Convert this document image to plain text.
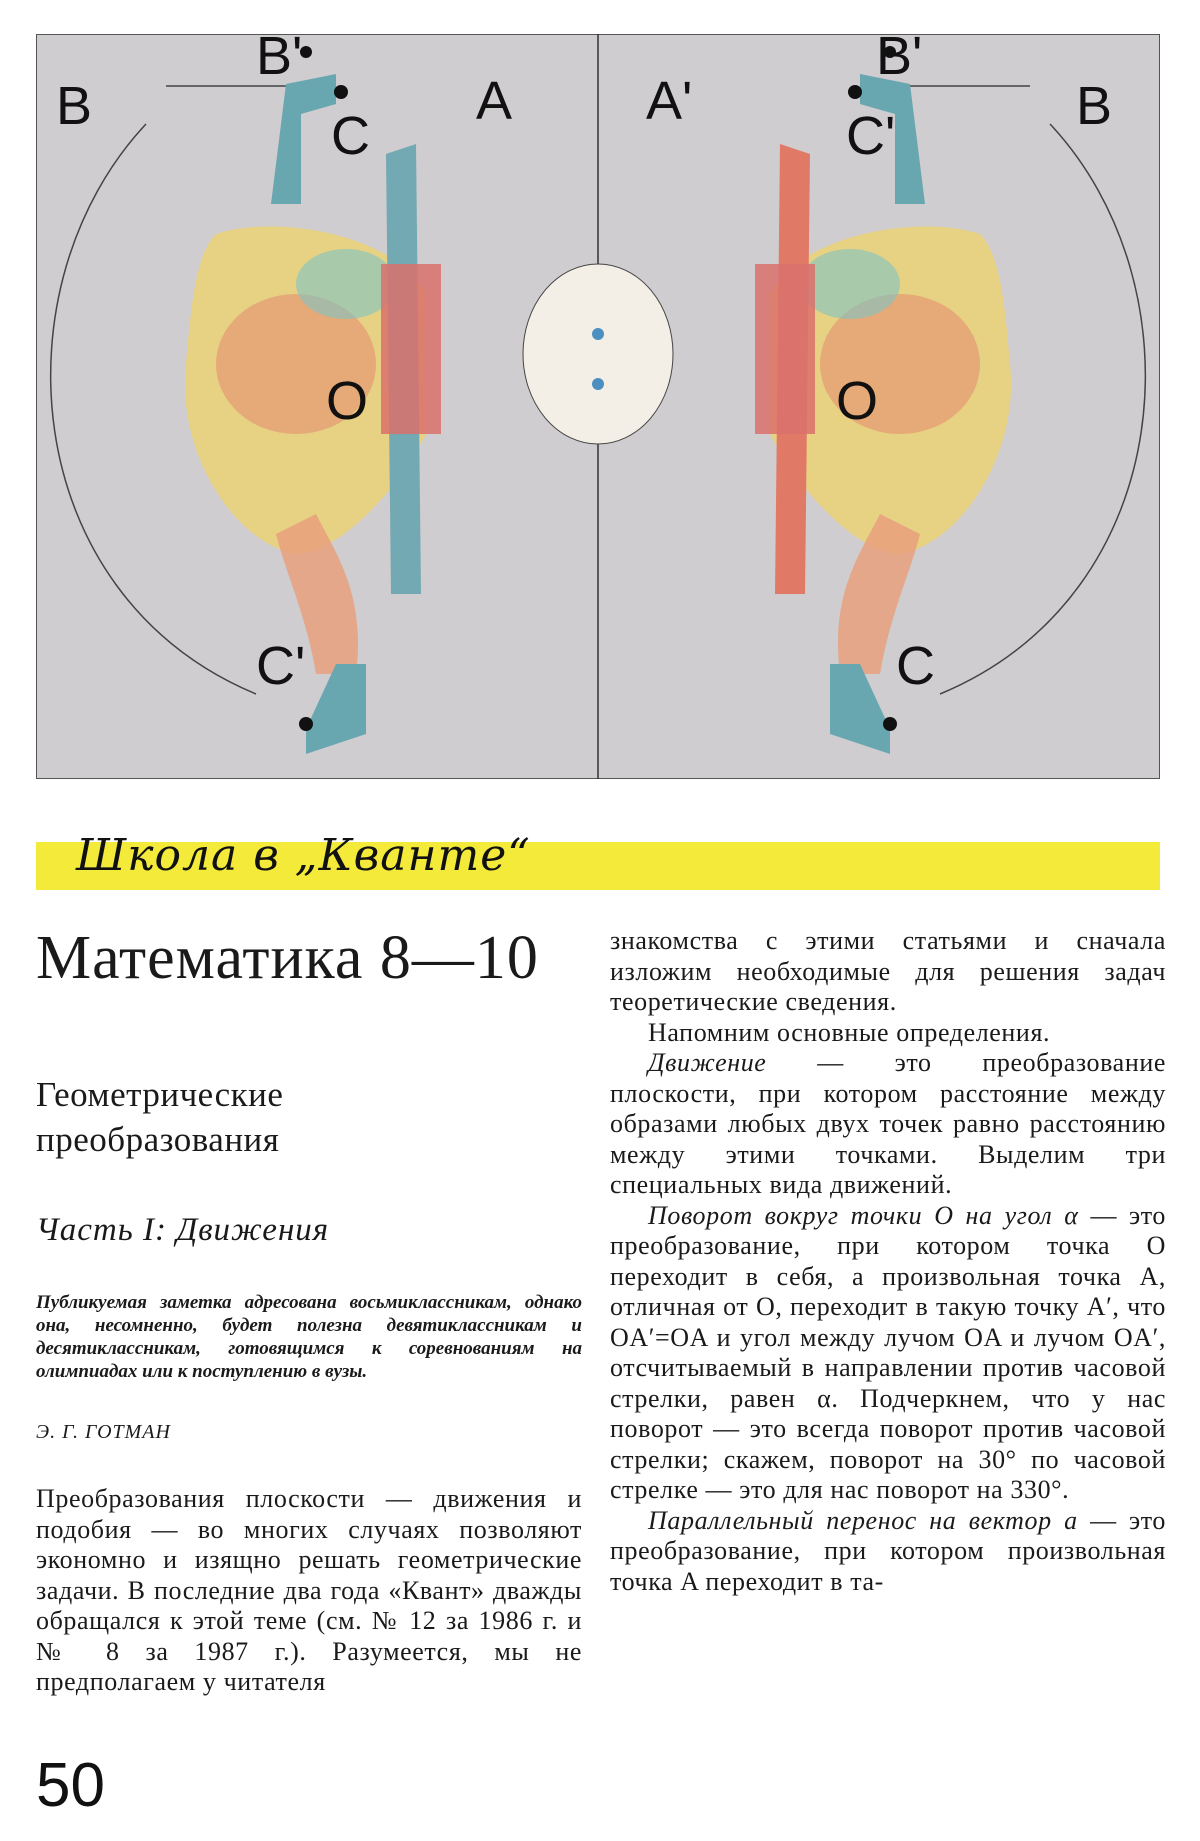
B
B'
C
A
O
C'
A'
B'
B
C'
O
C
Школа в „Кванте“
Математика 8—10
Геометрические
преобразования
Часть I: Движения
Публикуемая заметка адресована восьмиклассникам, однако она, несомненно, будет полезна девятиклассникам и десятиклассникам, готовящимся к соревнованиям на олимпиадах или к поступлению в вузы.
Э. Г. ГОТМАН

Преобразования плоскости — движения и подобия — во многих случаях позволяют экономно и изящно решать геометрические задачи. В последние два года «Квант» дважды обращался к этой теме (см. № 12 за 1986 г. и № 8 за 1987 г.). Разумеется, мы не предполагаем у читателя

знакомства с этими статьями и сначала изложим необходимые для решения задач теоретические сведения.

Напомним основные определения.

Движение — это преобразование плоскости, при котором расстояние между образами любых двух точек равно расстоянию между этими точками. Выделим три специальных вида движений.

Поворот вокруг точки O на угол α — это преобразование, при котором точка O переходит в себя, а произвольная точка A, отличная от O, переходит в такую точку A′, что OA′=OA и угол между лучом OA и лучом OA′, отсчитываемый в направлении против часовой стрелки, равен α. Подчеркнем, что у нас поворот — это всегда поворот против часовой стрелки; скажем, поворот на 30° по часовой стрелке — это для нас поворот на 330°.

Параллельный перенос на вектор a — это преобразование, при котором произвольная точка A переходит в та-

50
